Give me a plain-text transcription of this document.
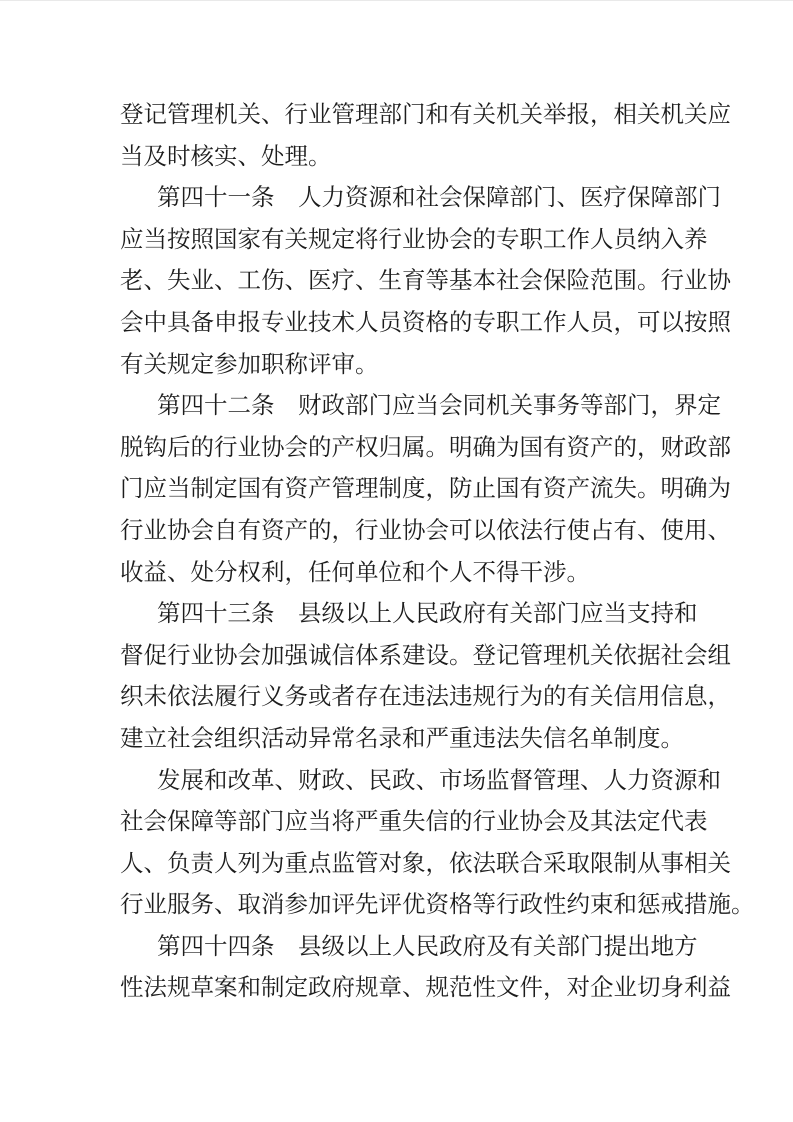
登记管理机关、行业管理部门和有关机关举报，相关机关应
当及时核实、处理。
第四十一条　人力资源和社会保障部门、医疗保障部门
应当按照国家有关规定将行业协会的专职工作人员纳入养
老、失业、工伤、医疗、生育等基本社会保险范围。行业协
会中具备申报专业技术人员资格的专职工作人员，可以按照
有关规定参加职称评审。
第四十二条　财政部门应当会同机关事务等部门，界定
脱钩后的行业协会的产权归属。明确为国有资产的，财政部
门应当制定国有资产管理制度，防止国有资产流失。明确为
行业协会自有资产的，行业协会可以依法行使占有、使用、
收益、处分权利，任何单位和个人不得干涉。
第四十三条　县级以上人民政府有关部门应当支持和
督促行业协会加强诚信体系建设。登记管理机关依据社会组
织未依法履行义务或者存在违法违规行为的有关信用信息，
建立社会组织活动异常名录和严重违法失信名单制度。
发展和改革、财政、民政、市场监督管理、人力资源和
社会保障等部门应当将严重失信的行业协会及其法定代表
人、负责人列为重点监管对象，依法联合采取限制从事相关
行业服务、取消参加评先评优资格等行政性约束和惩戒措施。
第四十四条　县级以上人民政府及有关部门提出地方
性法规草案和制定政府规章、规范性文件，对企业切身利益
